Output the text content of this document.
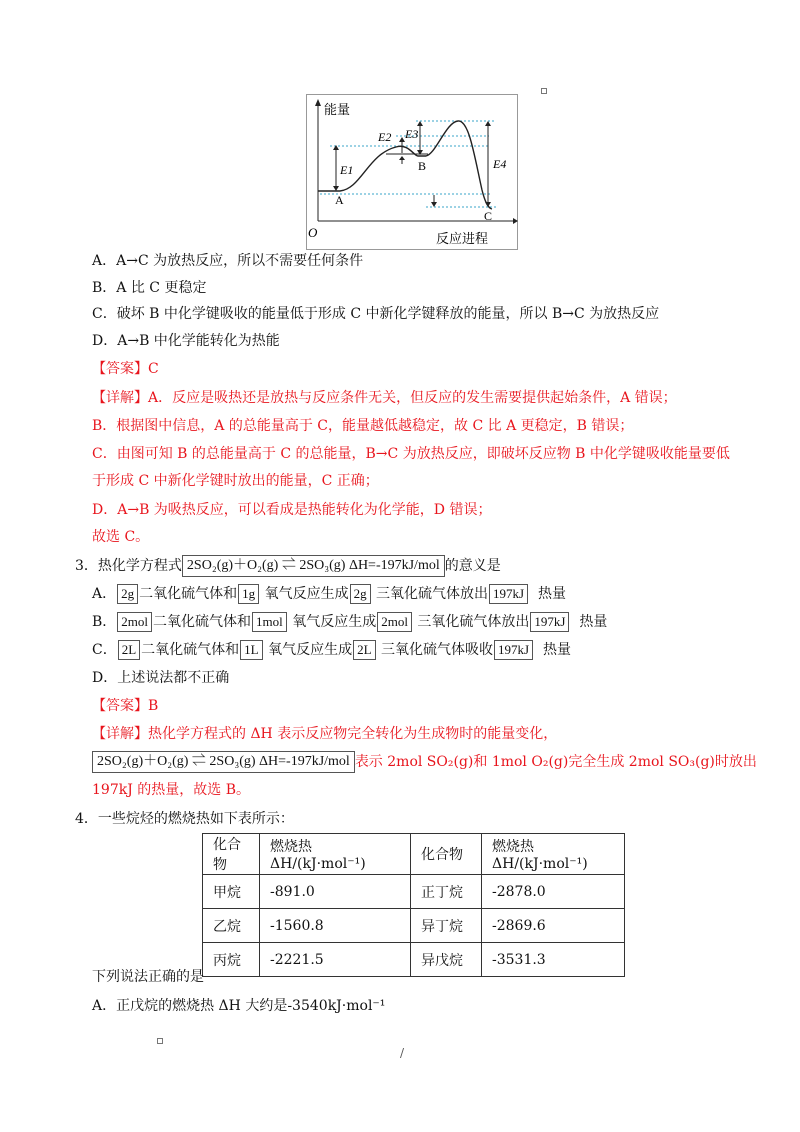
能量
反应进程
O
A
B
C
E1
E2 E3
E4
A．A→C 为放热反应，所以不需要任何条件
B．A 比 C 更稳定
C．破坏 B 中化学键吸收的能量低于形成 C 中新化学键释放的能量，所以 B→C 为放热反应
D．A→B 中化学能转化为热能
【答案】C
【详解】A．反应是吸热还是放热与反应条件无关，但反应的发生需要提供起始条件，A 错误；
B．根据图中信息，A 的总能量高于 C，能量越低越稳定，故 C 比 A 更稳定，B 错误；
C．由图可知 B 的总能量高于 C 的总能量，B→C 为放热反应，即破坏反应物 B 中化学键吸收能量要低
于形成 C 中新化学键时放出的能量，C 正确；
D．A→B 为吸热反应，可以看成是热能转化为化学能，D 错误；
故选 C。
3．热化学方程式 2SO₂(g)＋O₂(g) ⇌ 2SO₃(g) ΔH=-197kJ/mol 的意义是
A． 2g 二氧化硫气体和 1g 氧气反应生成 2g 三氧化硫气体放出 197kJ 热量
B． 2mol 二氧化硫气体和 1mol 氧气反应生成 2mol 三氧化硫气体放出 197kJ 热量
C． 2L 二氧化硫气体和 1L 氧气反应生成 2L 三氧化硫气体吸收 197kJ 热量
D．上述说法都不正确
【答案】B
【详解】热化学方程式的 ΔH 表示反应物完全转化为生成物时的能量变化，
2SO₂(g)＋O₂(g) ⇌ 2SO₃(g) ΔH=-197kJ/mol 表示 2mol SO₂(g)和 1mol O₂(g)完全生成 2mol SO₃(g)时放出
197kJ 的热量，故选 B。
4．一些烷烃的燃烧热如下表所示：
化合物	燃烧热 ΔH/(kJ·mol⁻¹)	化合物	燃烧热 ΔH/(kJ·mol⁻¹)
甲烷	-891.0	正丁烷	-2878.0
乙烷	-1560.8	异丁烷	-2869.6
丙烷	-2221.5	异戊烷	-3531.3
下列说法正确的是
A．正戊烷的燃烧热 ΔH 大约是-3540kJ·mol⁻¹
/
